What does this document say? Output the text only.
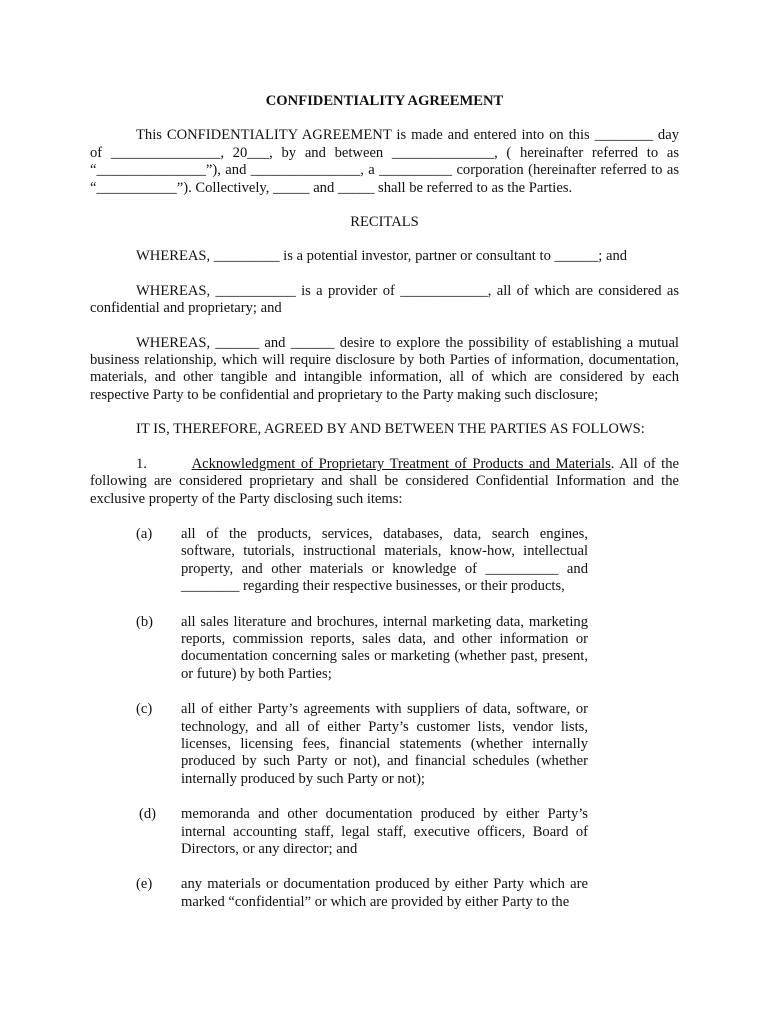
CONFIDENTIALITY AGREEMENT

This CONFIDENTIALITY AGREEMENT is made and entered into on this ________ day of _______________, 20___, by and between ______________, ( hereinafter referred to as “_______________”), and _______________, a __________ corporation (hereinafter referred to as “___________”). Collectively, _____ and _____ shall be referred to as the Parties.

RECITALS

WHEREAS, _________ is a potential investor, partner or consultant to ______; and

WHEREAS, ___________ is a provider of ____________, all of which are considered as confidential and proprietary; and

WHEREAS, ______ and ______ desire to explore the possibility of establishing a mutual business relationship, which will require disclosure by both Parties of information, documentation, materials, and other tangible and intangible information, all of which are considered by each respective Party to be confidential and proprietary to the Party making such disclosure;

IT IS, THEREFORE, AGREED BY AND BETWEEN THE PARTIES AS FOLLOWS:

1.	Acknowledgment of Proprietary Treatment of Products and Materials. All of the following are considered proprietary and shall be considered Confidential Information and the exclusive property of the Party disclosing such items:

(a) all of the products, services, databases, data, search engines, software, tutorials, instructional materials, know-how, intellectual property, and other materials or knowledge of __________ and ________ regarding their respective businesses, or their products,
(b) all sales literature and brochures, internal marketing data, marketing reports, commission reports, sales data, and other information or documentation concerning sales or marketing (whether past, present, or future) by both Parties;
(c) all of either Party’s agreements with suppliers of data, software, or technology, and all of either Party’s customer lists, vendor lists, licenses, licensing fees, financial statements (whether internally produced by such Party or not), and financial schedules (whether internally produced by such Party or not);
(d) memoranda and other documentation produced by either Party’s internal accounting staff, legal staff, executive officers, Board of Directors, or any director; and
(e) any materials or documentation produced by either Party which are marked “confidential” or which are provided by either Party to the
